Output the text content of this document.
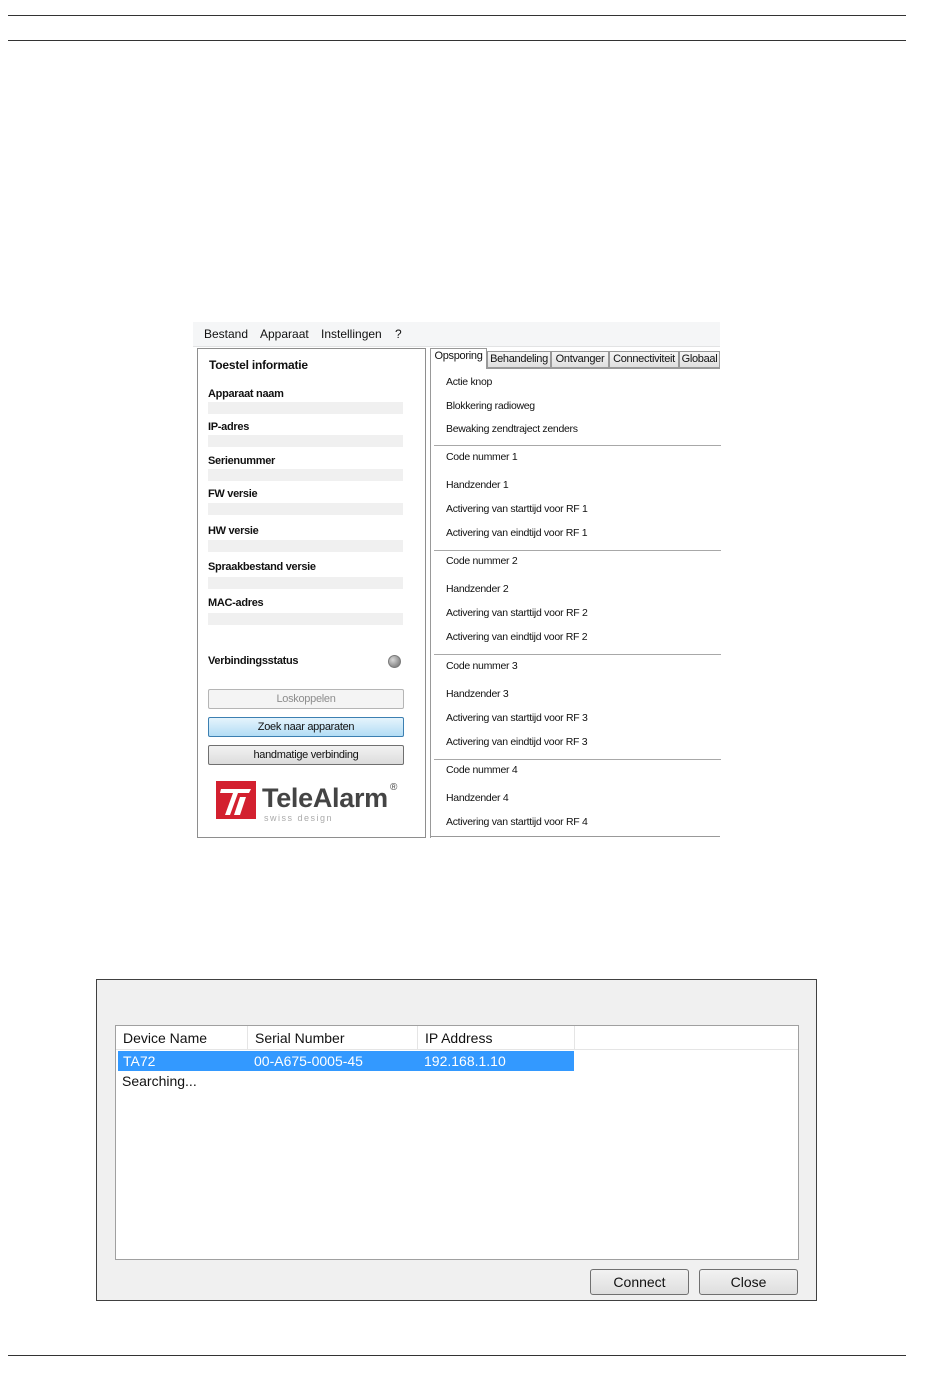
Bestand Apparaat Instellingen ?
Toestel informatie
Apparaat naam
IP-adres
Serienummer
FW versie
HW versie
Spraakbestand versie
MAC-adres
Verbindingsstatus
Loskoppelen
Zoek naar apparaten
handmatige verbinding
TeleAlarm ®
swiss design
Opsporing Behandeling Ontvanger Connectiviteit Globaal
Actie knop
Blokkering radioweg
Bewaking zendtraject zenders
Code nummer 1
Handzender 1
Activering van starttijd voor RF 1
Activering van eindtijd voor RF 1
Code nummer 2
Handzender 2
Activering van starttijd voor RF 2
Activering van eindtijd voor RF 2
Code nummer 3
Handzender 3
Activering van starttijd voor RF 3
Activering van eindtijd voor RF 3
Code nummer 4
Handzender 4
Activering van starttijd voor RF 4
Device Name	Serial Number	IP Address
TA72	00-A675-0005-45	192.168.1.10
Searching...
Connect	Close
